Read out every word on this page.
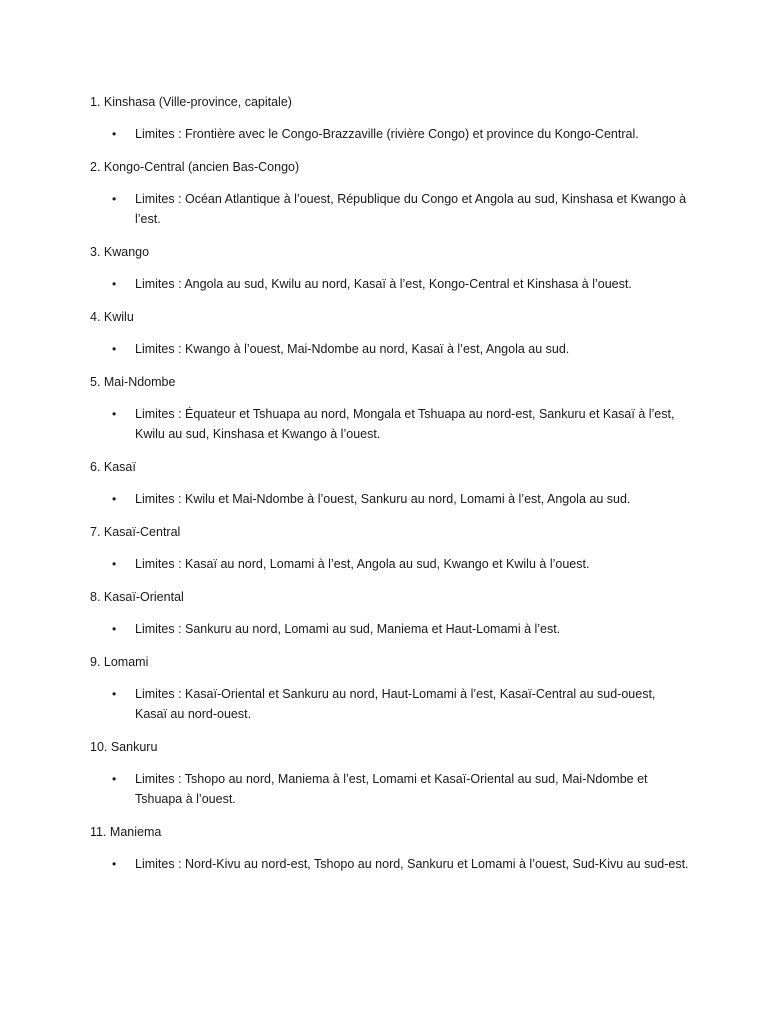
1. Kinshasa (Ville-province, capitale)

•	Limites : Frontière avec le Congo-Brazzaville (rivière Congo) et province du Kongo-Central.

2. Kongo-Central (ancien Bas-Congo)

•	Limites : Océan Atlantique à l’ouest, République du Congo et Angola au sud, Kinshasa et Kwango à l’est.

3. Kwango

•	Limites : Angola au sud, Kwilu au nord, Kasaï à l’est, Kongo-Central et Kinshasa à l’ouest.

4. Kwilu

•	Limites : Kwango à l’ouest, Mai-Ndombe au nord, Kasaï à l’est, Angola au sud.

5. Mai-Ndombe

•	Limites : Équateur et Tshuapa au nord, Mongala et Tshuapa au nord-est, Sankuru et Kasaï à l’est, Kwilu au sud, Kinshasa et Kwango à l’ouest.

6. Kasaï

•	Limites : Kwilu et Mai-Ndombe à l’ouest, Sankuru au nord, Lomami à l’est, Angola au sud.

7. Kasaï-Central

•	Limites : Kasaï au nord, Lomami à l’est, Angola au sud, Kwango et Kwilu à l’ouest.

8. Kasaï-Oriental

•	Limites : Sankuru au nord, Lomami au sud, Maniema et Haut-Lomami à l’est.

9. Lomami

•	Limites : Kasaï-Oriental et Sankuru au nord, Haut-Lomami à l’est, Kasaï-Central au sud-ouest, Kasaï au nord-ouest.

10. Sankuru

•	Limites : Tshopo au nord, Maniema à l’est, Lomami et Kasaï-Oriental au sud, Mai-Ndombe et Tshuapa à l’ouest.

11. Maniema

•	Limites : Nord-Kivu au nord-est, Tshopo au nord, Sankuru et Lomami à l’ouest, Sud-Kivu au sud-est.
